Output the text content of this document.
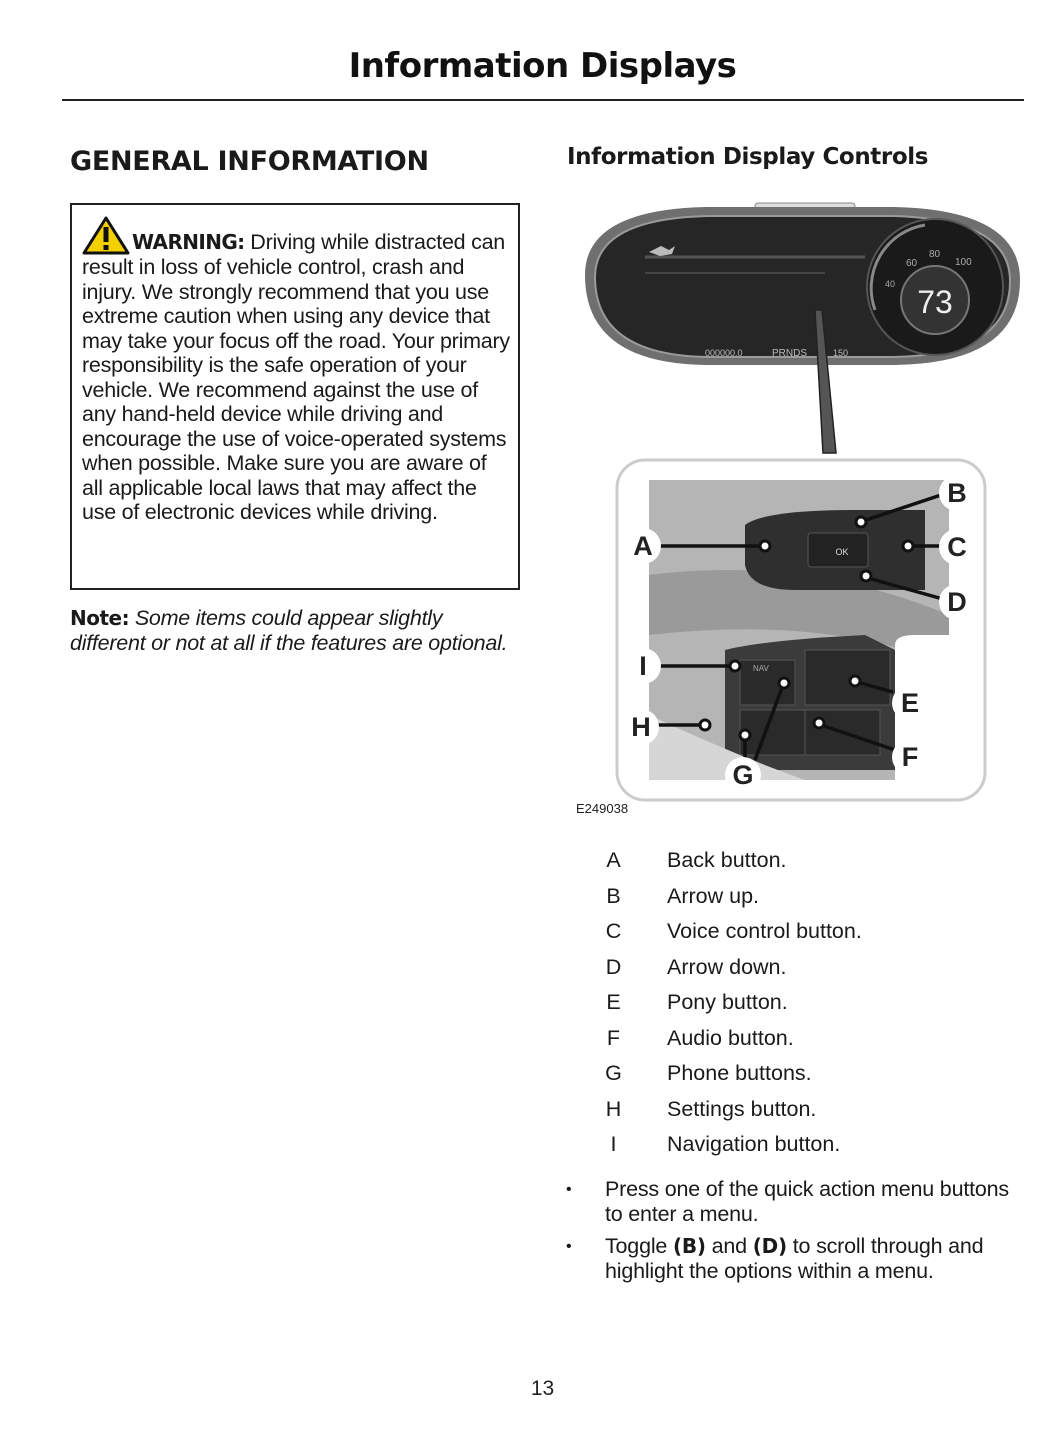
Information Displays
GENERAL INFORMATION
WARNING: Driving while distracted can result in loss of vehicle control, crash and injury. We strongly recommend that you use extreme caution when using any device that may take your focus off the road. Your primary responsibility is the safe operation of your vehicle. We recommend against the use of any hand-held device while driving and encourage the use of voice-operated systems when possible. Make sure you are aware of all applicable local laws that may affect the use of electronic devices while driving.
Note: Some items could appear slightly different or not at all if the features are optional.
Information Display Controls
73
60
80
100
40
000000.0	PRNDS	150
OK
NAV
B
C
D
A
I
H
E
F
G
E249038
A	Back button.
B	Arrow up.
C	Voice control button.
D	Arrow down.
E	Pony button.
F	Audio button.
G	Phone buttons.
H	Settings button.
I	Navigation button.
•	Press one of the quick action menu buttons to enter a menu.
•	Toggle (B) and (D) to scroll through and highlight the options within a menu.
13
